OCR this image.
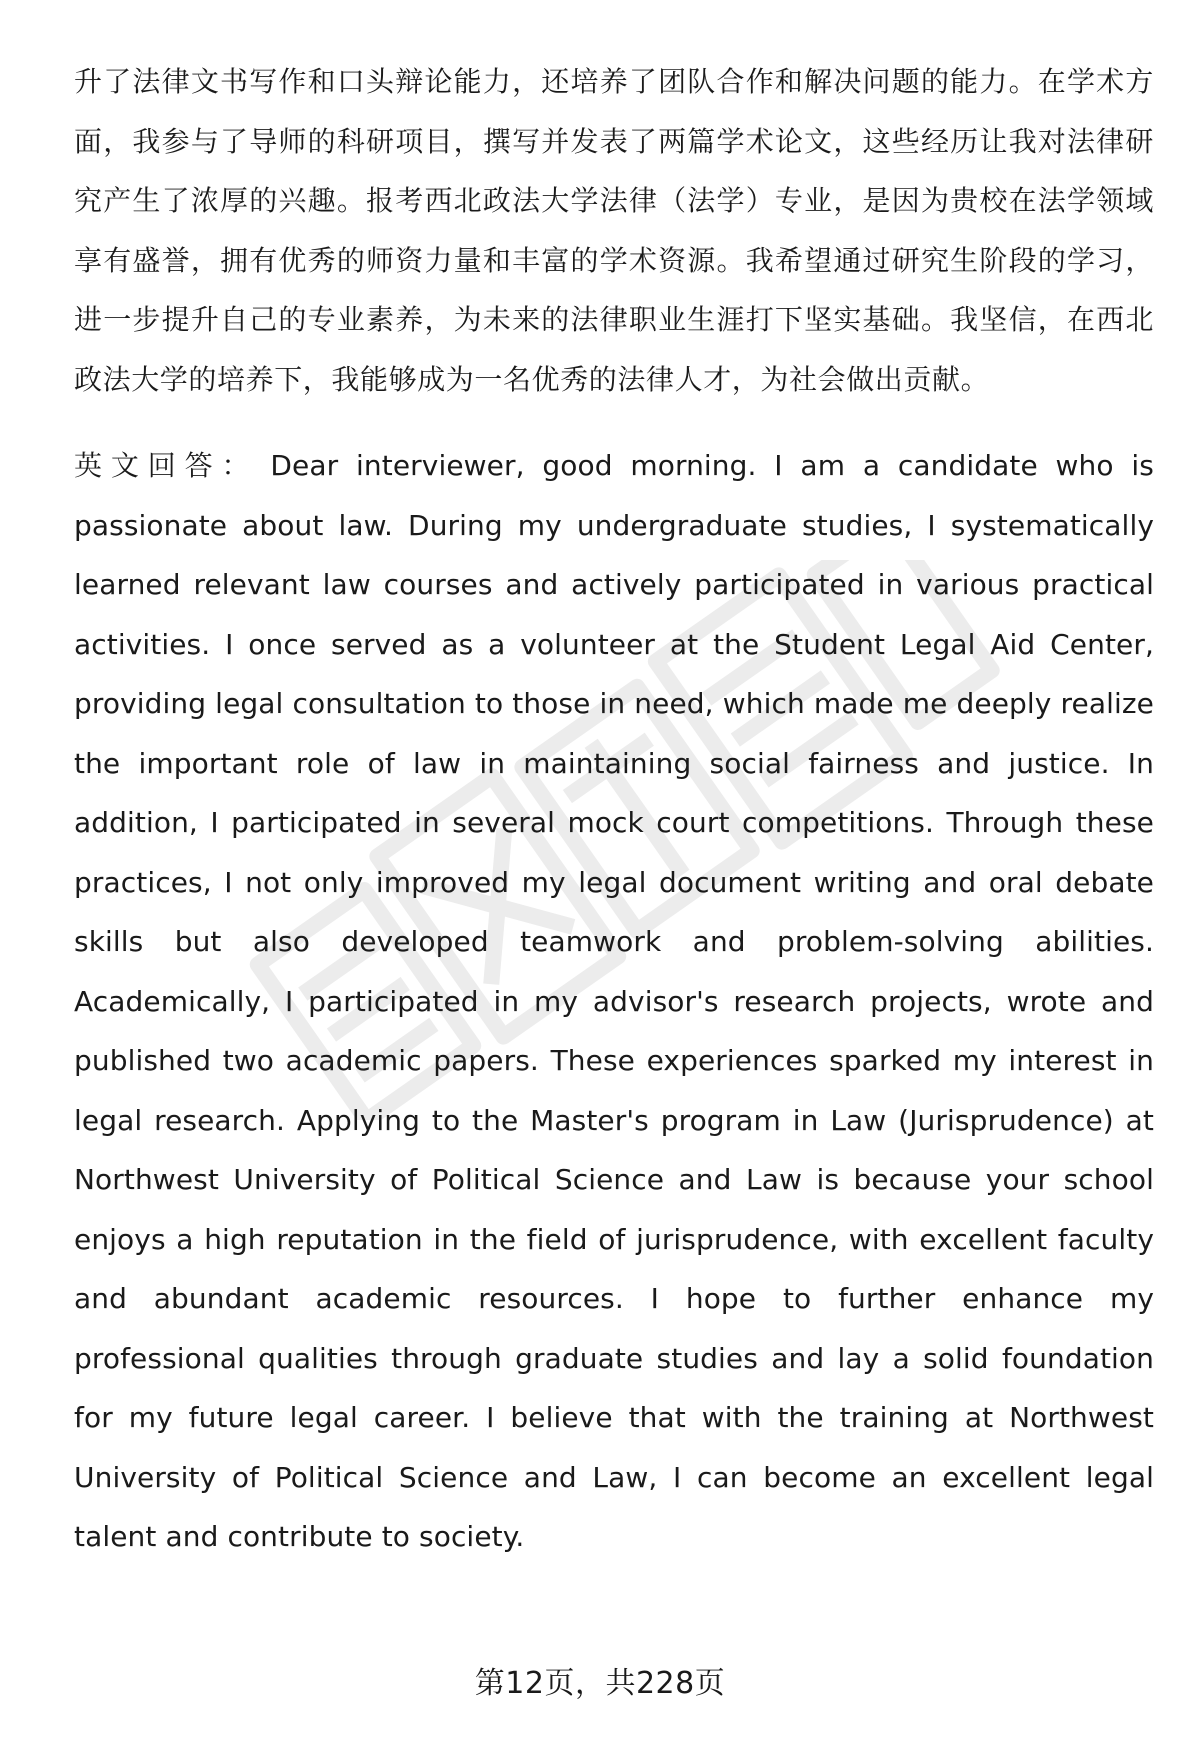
升了法律文书写作和口头辩论能力，还培养了团队合作和解决问题的能力。在学术方面，我参与了导师的科研项目，撰写并发表了两篇学术论文，这些经历让我对法律研究产生了浓厚的兴趣。报考西北政法大学法律（法学）专业，是因为贵校在法学领域享有盛誉，拥有优秀的师资力量和丰富的学术资源。我希望通过研究生阶段的学习，进一步提升自己的专业素养，为未来的法律职业生涯打下坚实基础。我坚信，在西北政法大学的培养下，我能够成为一名优秀的法律人才，为社会做出贡献。

英文回答： Dear interviewer, good morning. I am a candidate who is passionate about law. During my undergraduate studies, I systematically learned relevant law courses and actively participated in various practical activities. I once served as a volunteer at the Student Legal Aid Center, providing legal consultation to those in need, which made me deeply realize the important role of law in maintaining social fairness and justice. In addition, I participated in several mock court competitions. Through these practices, I not only improved my legal document writing and oral debate skills but also developed teamwork and problem-solving abilities. Academically, I participated in my advisor's research projects, wrote and published two academic papers. These experiences sparked my interest in legal research. Applying to the Master's program in Law (Jurisprudence) at Northwest University of Political Science and Law is because your school enjoys a high reputation in the field of jurisprudence, with excellent faculty and abundant academic resources. I hope to further enhance my professional qualities through graduate studies and lay a solid foundation for my future legal career. I believe that with the training at Northwest University of Political Science and Law, I can become an excellent legal talent and contribute to society.

第12页，共228页
